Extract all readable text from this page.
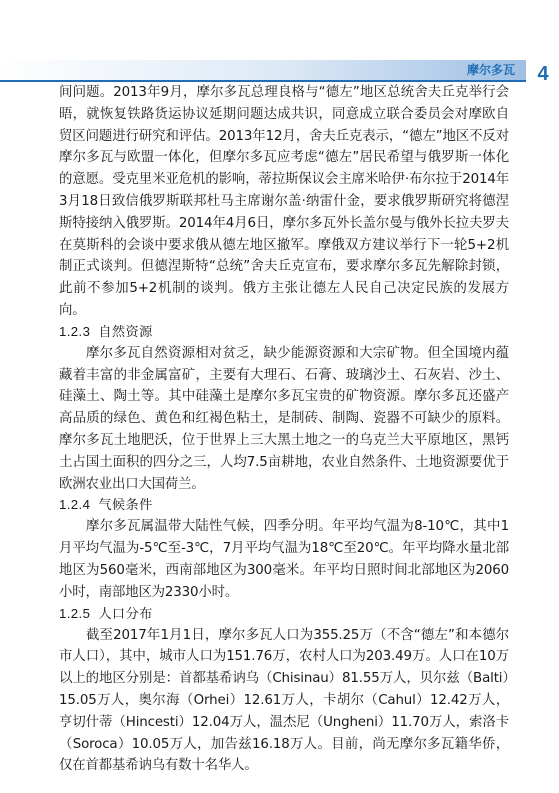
摩尔多瓦	4

间问题。2013年9月，摩尔多瓦总理良格与“德左”地区总统舍夫丘克举行会晤，就恢复铁路货运协议延期问题达成共识，同意成立联合委员会对摩欧自贸区问题进行研究和评估。2013年12月，舍夫丘克表示，“德左”地区不反对摩尔多瓦与欧盟一体化，但摩尔多瓦应考虑“德左”居民希望与俄罗斯一体化的意愿。受克里米亚危机的影响，蒂拉斯保议会主席米哈伊·布尔拉于2014年3月18日致信俄罗斯联邦杜马主席谢尔盖·纳雷什金，要求俄罗斯研究将德涅斯特接纳入俄罗斯。2014年4月6日，摩尔多瓦外长盖尔曼与俄外长拉夫罗夫在莫斯科的会谈中要求俄从德左地区撤军。摩俄双方建议举行下一轮5+2机制正式谈判。但德涅斯特“总统”舍夫丘克宣布，要求摩尔多瓦先解除封锁，此前不参加5+2机制的谈判。俄方主张让德左人民自己决定民族的发展方向。

1.2.3 自然资源

摩尔多瓦自然资源相对贫乏，缺少能源资源和大宗矿物。但全国境内蕴藏着丰富的非金属富矿，主要有大理石、石膏、玻璃沙土、石灰岩、沙土、硅藻土、陶土等。其中硅藻土是摩尔多瓦宝贵的矿物资源。摩尔多瓦还盛产高品质的绿色、黄色和红褐色粘土，是制砖、制陶、瓷器不可缺少的原料。摩尔多瓦土地肥沃，位于世界上三大黑土地之一的乌克兰大平原地区，黑钙土占国土面积的四分之三，人均7.5亩耕地，农业自然条件、土地资源要优于欧洲农业出口大国荷兰。

1.2.4 气候条件

摩尔多瓦属温带大陆性气候，四季分明。年平均气温为8-10℃，其中1月平均气温为-5℃至-3℃，7月平均气温为18℃至20℃。年平均降水量北部地区为560毫米，西南部地区为300毫米。年平均日照时间北部地区为2060小时，南部地区为2330小时。

1.2.5 人口分布

截至2017年1月1日，摩尔多瓦人口为355.25万（不含“德左”和本德尔市人口），其中，城市人口为151.76万，农村人口为203.49万。人口在10万以上的地区分别是：首都基希讷乌（Chisinau）81.55万人，贝尔兹（Balti）15.05万人，奥尔海（Orhei）12.61万人，卡胡尔（Cahul）12.42万人，亨切什蒂（Hincesti）12.04万人，温杰尼（Ungheni）11.70万人，索洛卡（Soroca）10.05万人，加告兹16.18万人。目前，尚无摩尔多瓦籍华侨，仅在首都基希讷乌有数十名华人。
